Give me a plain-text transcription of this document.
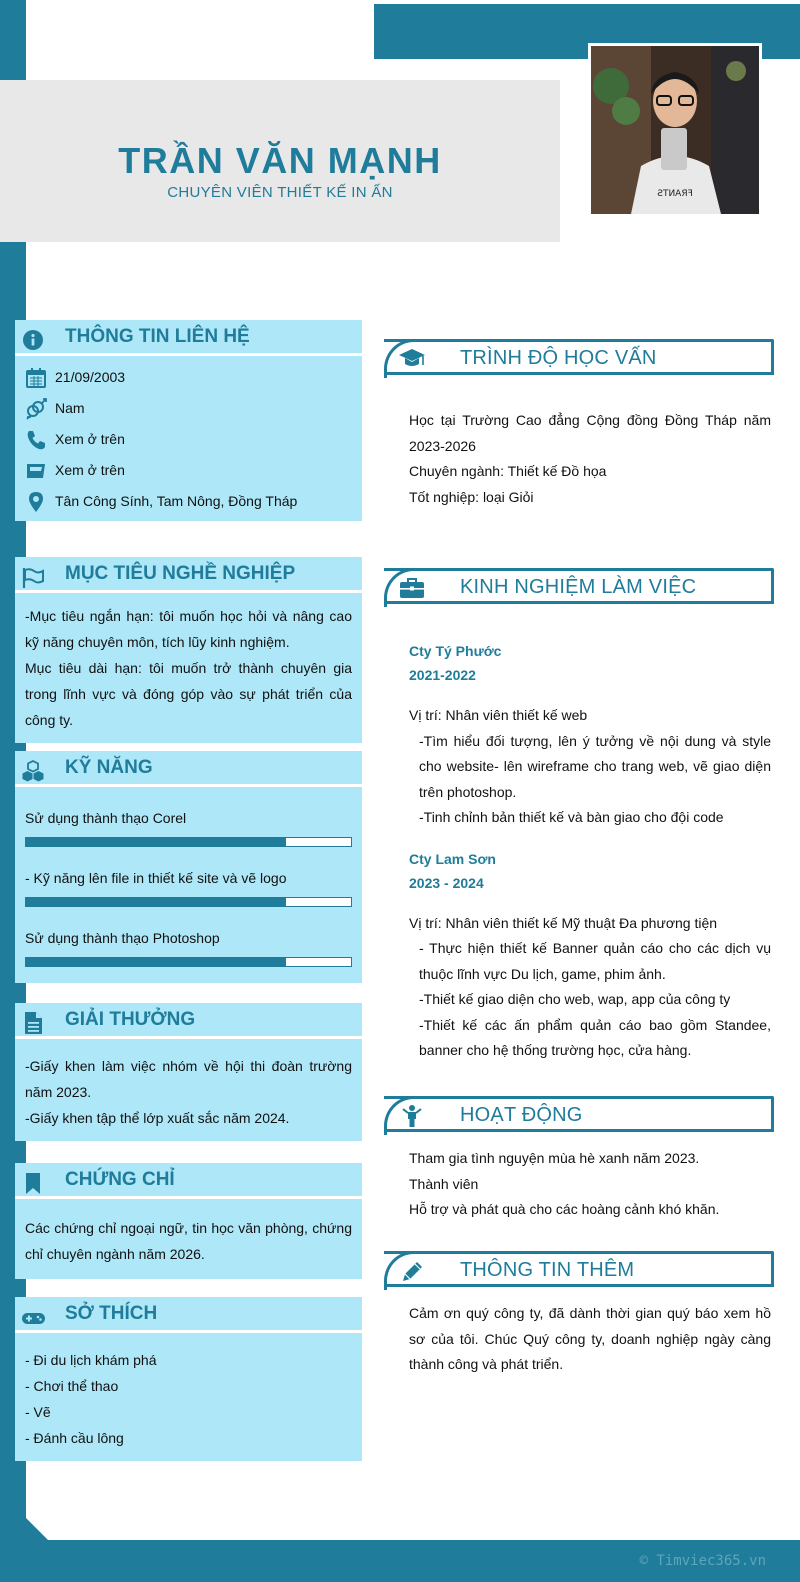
TRẦN VĂN MẠNH
CHUYÊN VIÊN THIẾT KẾ IN ẤN	ƧTИAЯꟻ
THÔNG TIN LIÊN HỆ
21/09/2003
Nam
Xem ở trên
Xem ở trên
Tân Công Sính, Tam Nông, Đồng Tháp
MỤC TIÊU NGHỀ NGHIỆP

-Mục tiêu ngắn hạn: tôi muốn học hỏi và nâng cao kỹ năng chuyên môn, tích lũy kinh nghiệm.

Mục tiêu dài hạn: tôi muốn trở thành chuyên gia trong lĩnh vực và đóng góp vào sự phát triển của công ty.

KỸ NĂNG
Sử dụng thành thạo Corel
- Kỹ năng lên file in thiết kế site và vẽ logo
Sử dụng thành thạo Photoshop
GIẢI THƯỞNG

-Giấy khen làm việc nhóm về hội thi đoàn trường năm 2023.

-Giấy khen tập thể lớp xuất sắc năm 2024.

CHỨNG CHỈ

Các chứng chỉ ngoại ngữ, tin học văn phòng, chứng chỉ chuyên ngành năm 2026.

SỞ THÍCH
- Đi du lịch khám phá
- Chơi thể thao
- Vẽ
- Đánh cầu lông
TRÌNH ĐỘ HỌC VẤN

Học tại Trường Cao đẳng Cộng đồng Đồng Tháp năm 2023-2026

Chuyên ngành: Thiết kế Đồ họa

Tốt nghiệp: loại Giỏi

KINH NGHIỆM LÀM VIỆC
Cty Tý Phước
2021-2022

Vị trí: Nhân viên thiết kế web

-Tìm hiểu đối tượng, lên ý tưởng về nội dung và style cho website- lên wireframe cho trang web, vẽ giao diện trên photoshop.

-Tinh chỉnh bản thiết kế và bàn giao cho đội code

Cty Lam Sơn
2023 - 2024

Vị trí: Nhân viên thiết kế Mỹ thuật Đa phương tiện

- Thực hiện thiết kế Banner quản cáo cho các dịch vụ thuộc lĩnh vực Du lịch, game, phim ảnh.

-Thiết kế giao diện cho web, wap, app của công ty

-Thiết kế các ấn phẩm quản cáo bao gồm Standee, banner cho hệ thống trường học, cửa hàng.

HOẠT ĐỘNG

Tham gia tình nguyện mùa hè xanh năm 2023.

Thành viên

Hỗ trợ và phát quà cho các hoàng cảnh khó khăn.

THÔNG TIN THÊM

Cảm ơn quý công ty, đã dành thời gian quý báo xem hồ sơ của tôi. Chúc Quý công ty, doanh nghiệp ngày càng thành công và phát triển.

© Timviec365.vn
